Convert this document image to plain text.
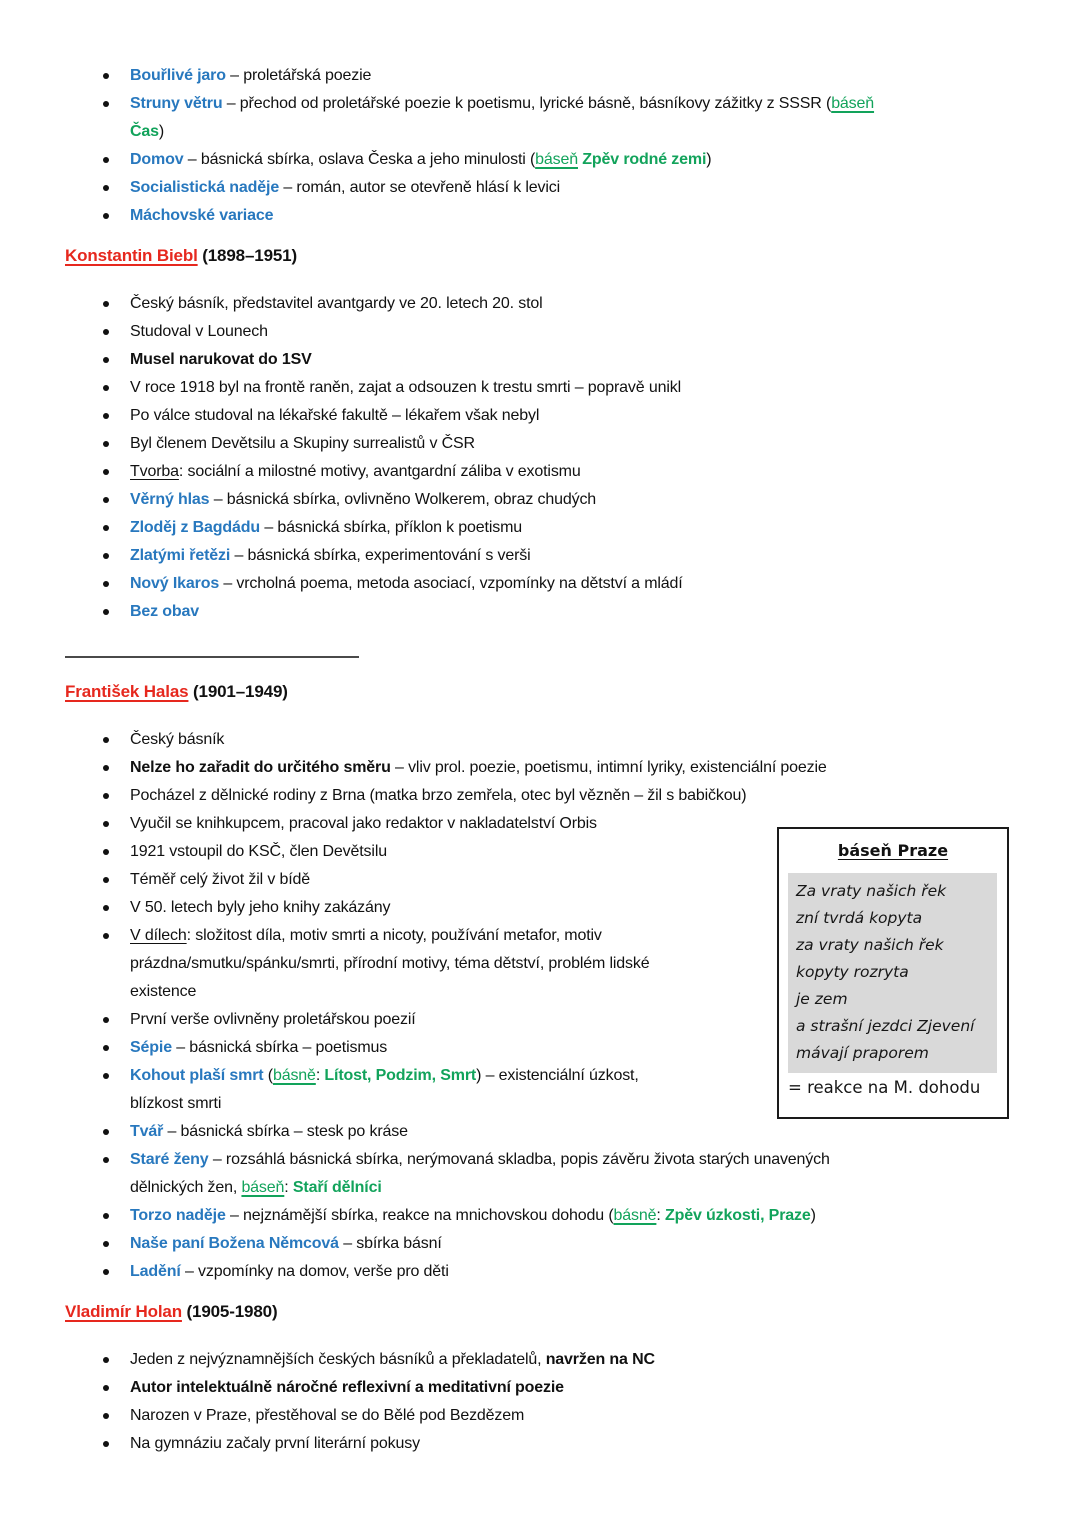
Bouřlivé jaro – proletářská poezie
Struny větru – přechod od proletářské poezie k poetismu, lyrické básně, básníkovy zážitky z SSSR (báseň
Čas)
Domov – básnická sbírka, oslava Česka a jeho minulosti (báseň Zpěv rodné zemi)
Socialistická naděje – román, autor se otevřeně hlásí k levici
Máchovské variace
Konstantin Biebl (1898–1951)
Český básník, představitel avantgardy ve 20. letech 20. stol
Studoval v Lounech
Musel narukovat do 1SV
V roce 1918 byl na frontě raněn, zajat a odsouzen k trestu smrti – popravě unikl
Po válce studoval na lékařské fakultě – lékařem však nebyl
Byl členem Devětsilu a Skupiny surrealistů v ČSR
Tvorba: sociální a milostné motivy, avantgardní záliba v exotismu
Věrný hlas – básnická sbírka, ovlivněno Wolkerem, obraz chudých
Zloděj z Bagdádu – básnická sbírka, příklon k poetismu
Zlatými řetězi – básnická sbírka, experimentování s verši
Nový Ikaros – vrcholná poema, metoda asociací, vzpomínky na dětství a mládí
Bez obav
František Halas (1901–1949)
Český básník
Nelze ho zařadit do určitého směru – vliv prol. poezie, poetismu, intimní lyriky, existenciální poezie
Pocházel z dělnické rodiny z Brna (matka brzo zemřela, otec byl vězněn – žil s babičkou)
Vyučil se knihkupcem, pracoval jako redaktor v nakladatelství Orbis
1921 vstoupil do KSČ, člen Devětsilu
Téměř celý život žil v bídě
V 50. letech byly jeho knihy zakázány
V dílech: složitost díla, motiv smrti a nicoty, používání metafor, motiv
prázdna/smutku/spánku/smrti, přírodní motivy, téma dětství, problém lidské
existence
První verše ovlivněny proletářskou poezií
Sépie – básnická sbírka – poetismus
Kohout plaší smrt (básně: Lítost, Podzim, Smrt) – existenciální úzkost,
blízkost smrti
Tvář – básnická sbírka – stesk po kráse
Staré ženy – rozsáhlá básnická sbírka, nerýmovaná skladba, popis závěru života starých unavených
dělnických žen, báseň: Staří dělníci
Torzo naděje – nejznámější sbírka, reakce na mnichovskou dohodu (básně: Zpěv úzkosti, Praze)
Naše paní Božena Němcová – sbírka básní
Ladění – vzpomínky na domov, verše pro děti
Vladimír Holan (1905-1980)
Jeden z nejvýznamnějších českých básníků a překladatelů, navržen na NC
Autor intelektuálně náročné reflexivní a meditativní poezie
Narozen v Praze, přestěhoval se do Bělé pod Bezdězem
Na gymnáziu začaly první literární pokusy
báseň Praze
Za vraty našich řek
zní tvrdá kopyta
za vraty našich řek
kopyty rozryta
je zem
a strašní jezdci Zjevení
mávají praporem
= reakce na M. dohodu
